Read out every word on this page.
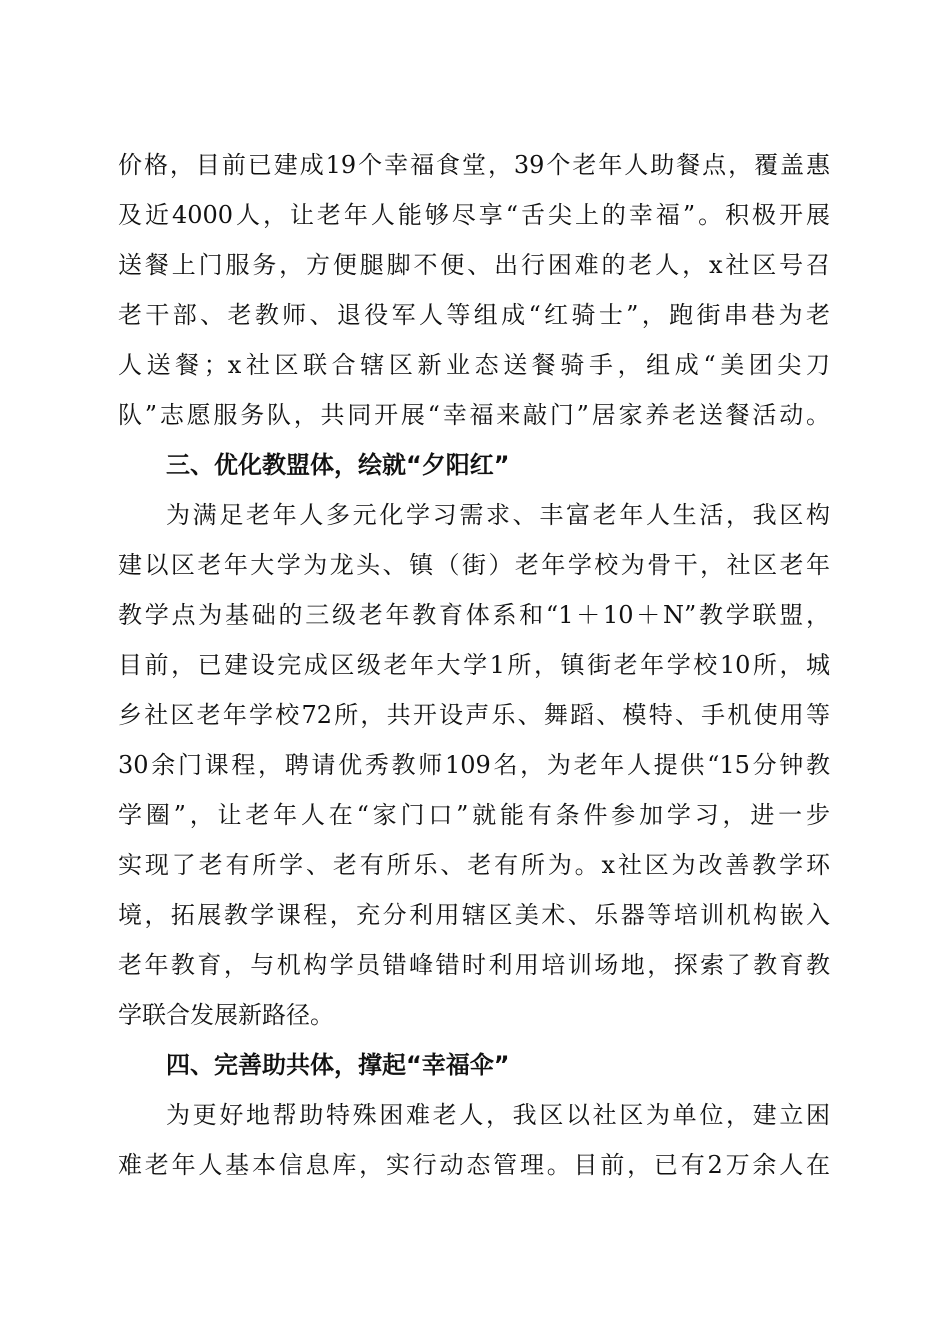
价格，目前已建成19个幸福食堂，39个老年人助餐点，覆盖惠
及近4000人，让老年人能够尽享“舌尖上的幸福”。积极开展
送餐上门服务，方便腿脚不便、出行困难的老人，x社区号召
老干部、老教师、退役军人等组成“红骑士”，跑街串巷为老
人送餐；x社区联合辖区新业态送餐骑手，组成“美团尖刀
队”志愿服务队，共同开展“幸福来敲门”居家养老送餐活动。
三、优化教盟体，绘就“夕阳红”
为满足老年人多元化学习需求、丰富老年人生活，我区构
建以区老年大学为龙头、镇（街）老年学校为骨干，社区老年
教学点为基础的三级老年教育体系和“1＋10＋N”教学联盟，
目前，已建设完成区级老年大学1所，镇街老年学校10所，城
乡社区老年学校72所，共开设声乐、舞蹈、模特、手机使用等
30余门课程，聘请优秀教师109名，为老年人提供“15分钟教
学圈”，让老年人在“家门口”就能有条件参加学习，进一步
实现了老有所学、老有所乐、老有所为。x社区为改善教学环
境，拓展教学课程，充分利用辖区美术、乐器等培训机构嵌入
老年教育，与机构学员错峰错时利用培训场地，探索了教育教
学联合发展新路径。
四、完善助共体，撑起“幸福伞”
为更好地帮助特殊困难老人，我区以社区为单位，建立困
难老年人基本信息库，实行动态管理。目前，已有2万余人在
